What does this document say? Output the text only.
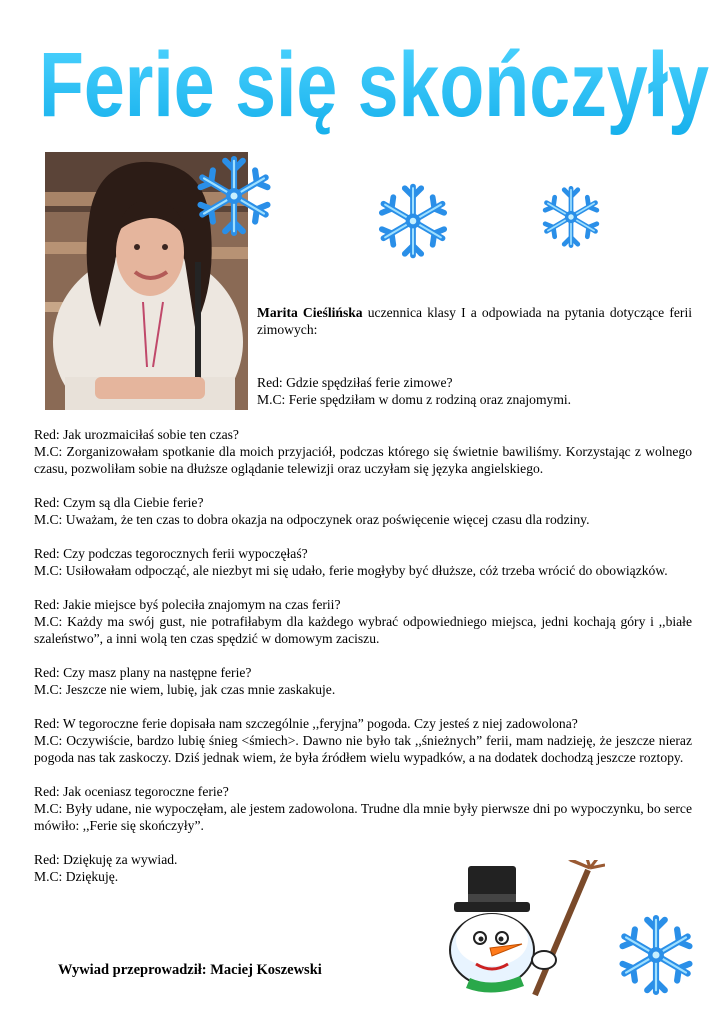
Ferie się skończyły

Marita Cieślińska uczennica klasy I a odpowiada na pytania dotyczące ferii zimowych:

Red: Gdzie spędziłaś ferie zimowe?
M.C: Ferie spędziłam w domu z rodziną oraz znajomymi.
Red: Jak urozmaiciłaś sobie ten czas?
M.C: Zorganizowałam spotkanie dla moich przyjaciół, podczas którego się świetnie bawiliśmy. Korzystając z wolnego czasu, pozwoliłam sobie na dłuższe oglądanie telewizji oraz uczyłam się języka angielskiego.
Red: Czym są dla Ciebie ferie?
M.C: Uważam, że ten czas to dobra okazja na odpoczynek oraz poświęcenie więcej czasu dla rodziny.
Red: Czy podczas tegorocznych ferii wypoczęłaś?
M.C: Usiłowałam odpocząć, ale niezbyt mi się udało, ferie mogłyby być dłuższe, cóż trzeba wrócić do obowiązków.
Red: Jakie miejsce byś poleciła znajomym na czas ferii?
M.C: Każdy ma swój gust, nie potrafiłabym dla każdego wybrać odpowiedniego miejsca, jedni kochają góry i ,,białe szaleństwo”, a inni wolą ten czas spędzić w domowym zaciszu.
Red: Czy masz plany na następne ferie?
M.C: Jeszcze nie wiem, lubię, jak czas mnie zaskakuje.
Red: W tegoroczne ferie dopisała nam szczególnie ,,feryjna” pogoda. Czy jesteś z niej zadowolona?
M.C: Oczywiście, bardzo lubię śnieg <śmiech>. Dawno nie było tak ,,śnieżnych” ferii, mam nadzieję, że jeszcze nieraz pogoda nas tak zaskoczy. Dziś jednak wiem, że była źródłem wielu wypadków, a na dodatek dochodzą jeszcze roztopy.
Red: Jak oceniasz tegoroczne ferie?
M.C: Były udane, nie wypoczęłam, ale jestem zadowolona. Trudne dla mnie były pierwsze dni po wypoczynku, bo serce mówiło: ,,Ferie się skończyły”.
Red: Dziękuję za wywiad.
M.C: Dziękuję.
Wywiad przeprowadził: Maciej Koszewski
